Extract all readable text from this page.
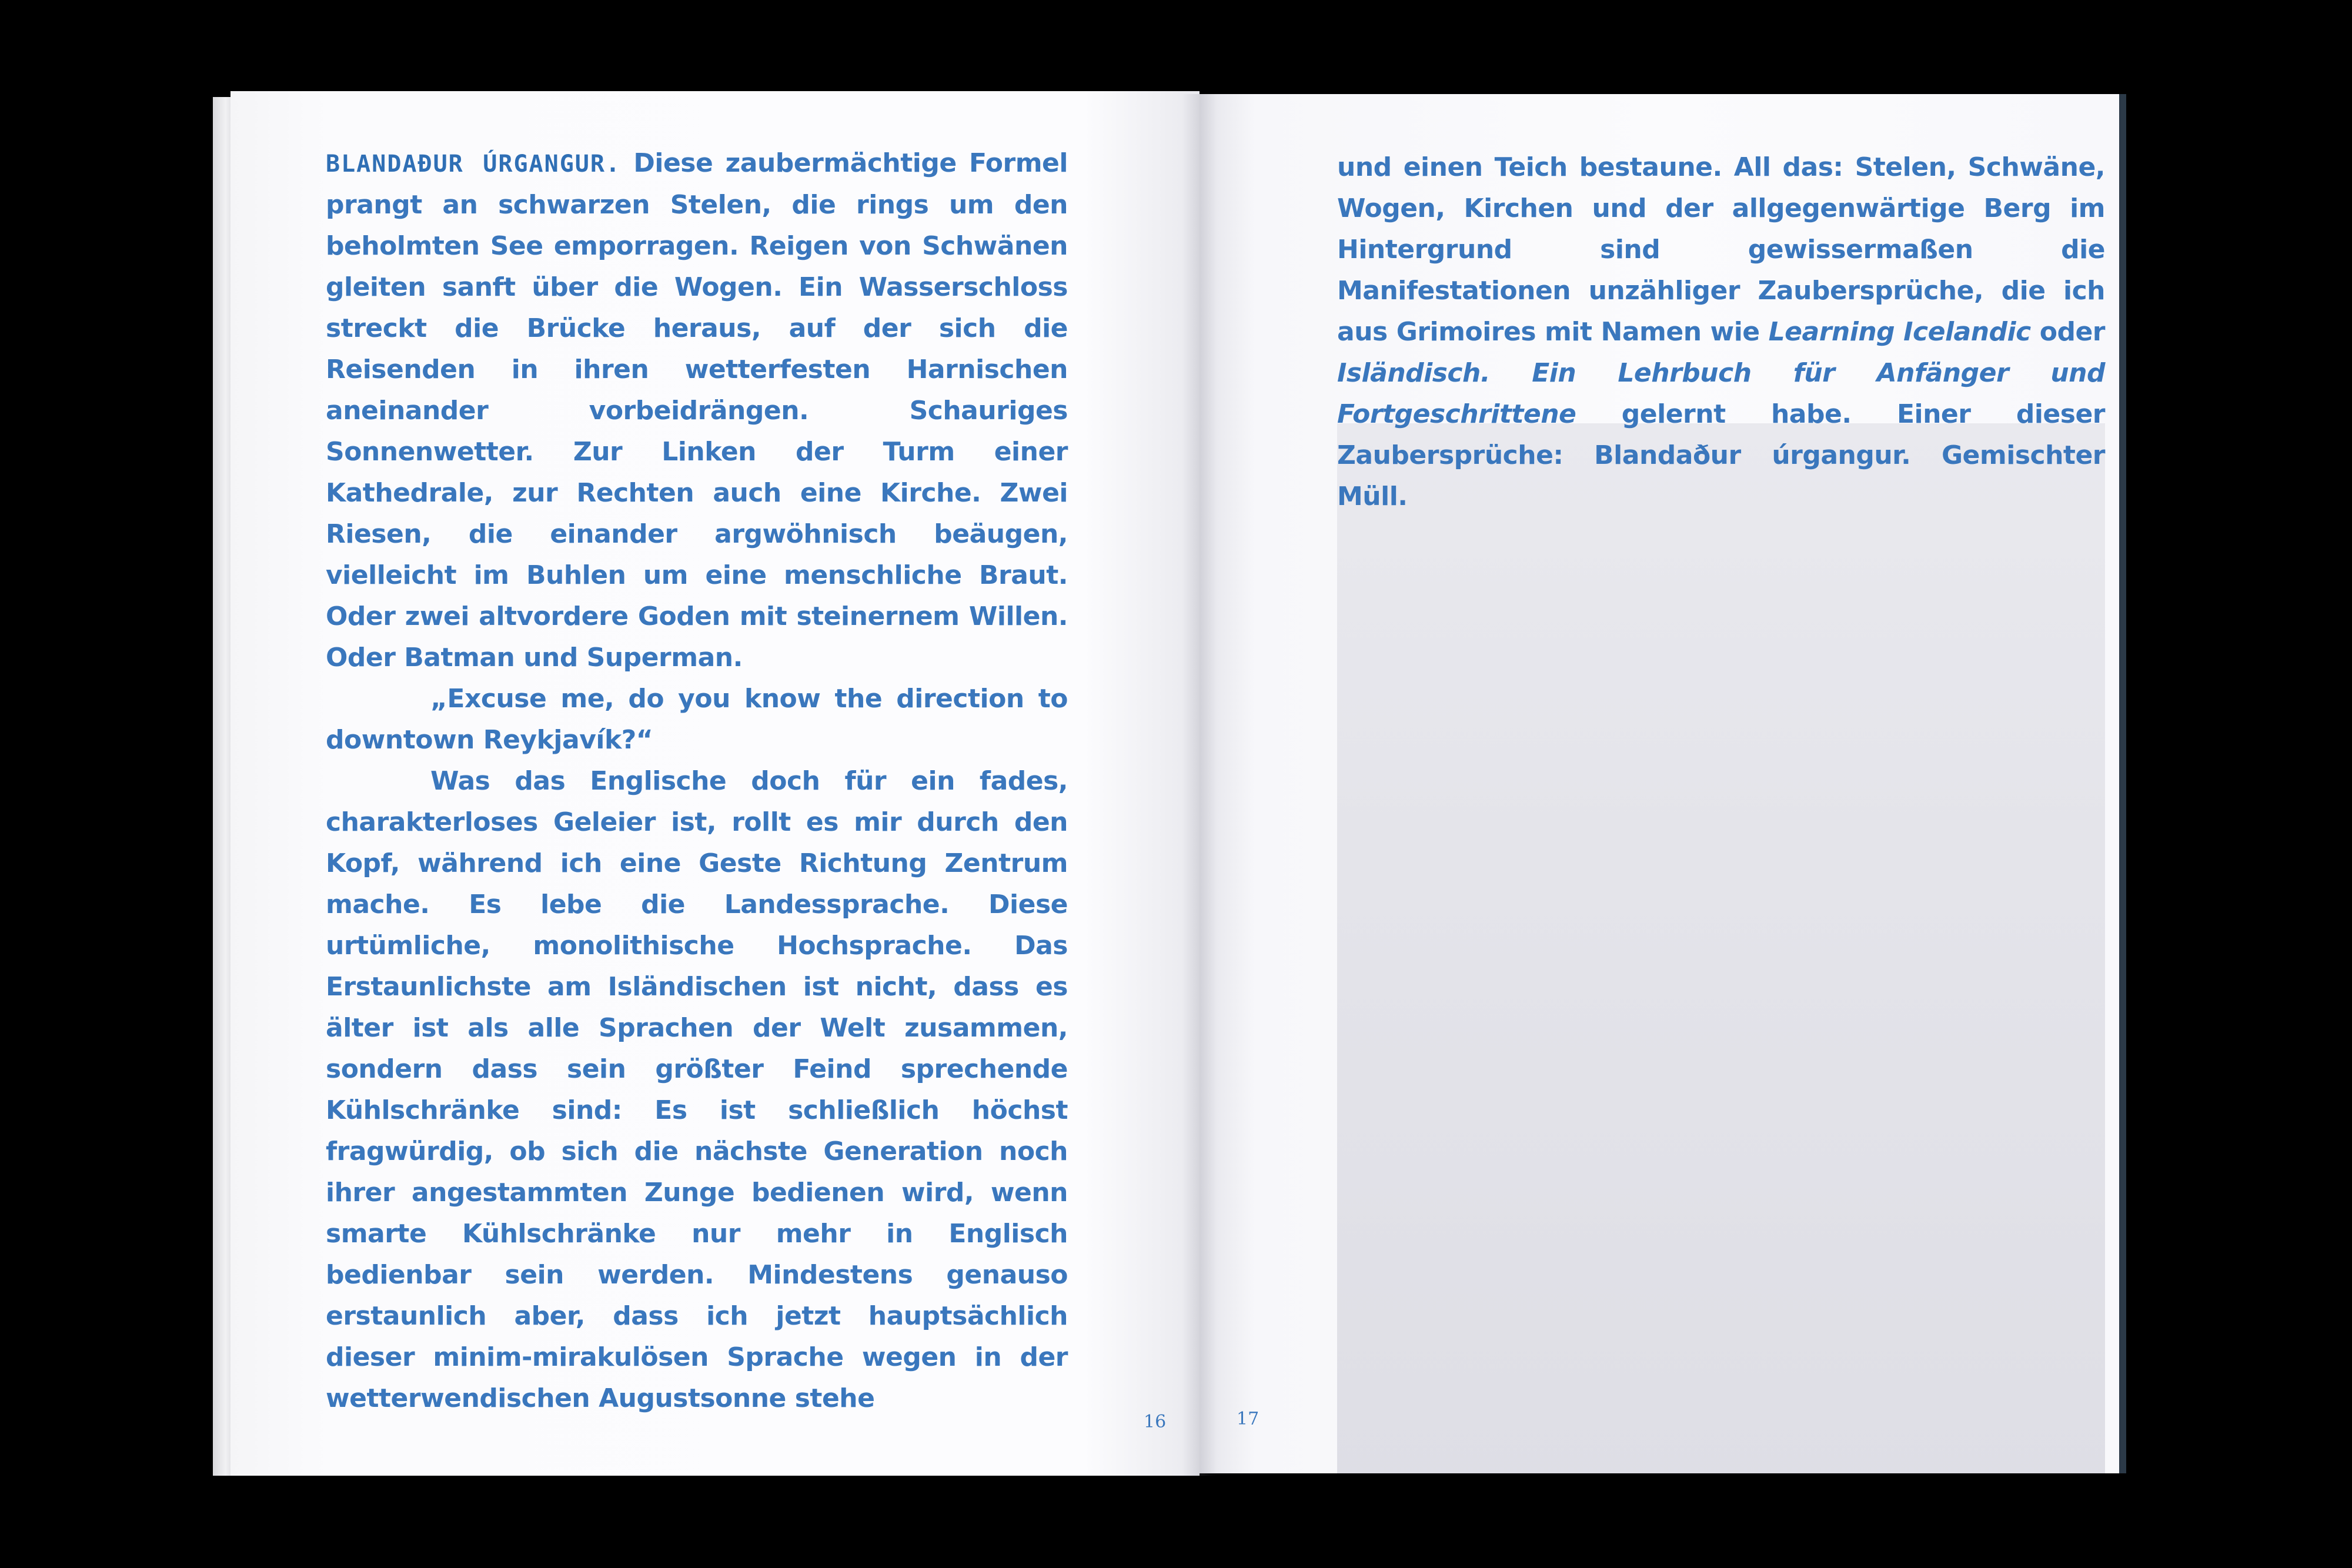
BLANDAÐUR ÚRGANGUR. Diese zaubermächtige Formel prangt an schwarzen Stelen, die rings um den beholmten See emporragen. Reigen von Schwänen gleiten sanft über die Wogen. Ein Wasserschloss streckt die Brücke heraus, auf der sich die Reisenden in ihren wetterfesten Harnischen aneinander vorbeidrängen. Schauriges Sonnenwetter. Zur Linken der Turm einer Kathedrale, zur Rechten auch eine Kirche. Zwei Riesen, die einander argwöhnisch beäugen, vielleicht im Buhlen um eine menschliche Braut. Oder zwei altvordere Goden mit steinernem Willen. Oder Batman und Superman.

„Excuse me, do you know the direction to downtown Reykjavík?“

Was das Englische doch für ein fades, charakterloses Geleier ist, rollt es mir durch den Kopf, während ich eine Geste Richtung Zentrum mache. Es lebe die Landessprache. Diese urtümliche, monolithische Hochsprache. Das Erstaunlichste am Isländischen ist nicht, dass es älter ist als alle Sprachen der Welt zusammen, sondern dass sein größter Feind sprechende Kühlschränke sind: Es ist schließlich höchst fragwürdig, ob sich die nächste Generation noch ihrer angestammten Zunge bedienen wird, wenn smarte Kühlschränke nur mehr in Englisch bedienbar sein werden. Mindestens genauso erstaunlich aber, dass ich jetzt hauptsächlich dieser minim-mirakulösen Sprache wegen in der wetterwendischen Augustsonne stehe

16

und einen Teich bestaune. All das: Stelen, Schwäne, Wogen, Kirchen und der allgegenwärtige Berg im Hintergrund sind gewissermaßen die Manifestationen unzähliger Zaubersprüche, die ich aus Grimoires mit Namen wie Learning Icelandic oder Isländisch. Ein Lehrbuch für Anfänger und Fortgeschrittene gelernt habe. Einer dieser Zaubersprüche: Blandaður úrgangur. Gemischter Müll.

17
